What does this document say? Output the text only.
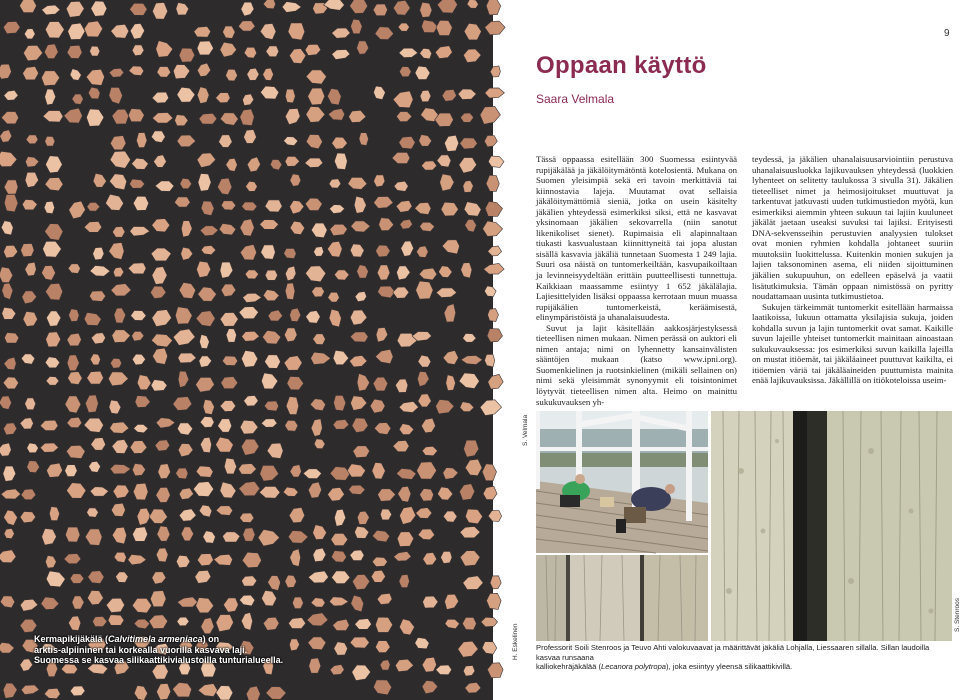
Kermapikijäkälä (Calvitimela armeniaca) on
arktis-alpiininen tai korkealla vuorilla kasvava laji.
Suomessa se kasvaa silikaattikivialustoilla tunturialueella.	H. Eskelinen
9
Oppaan käyttö
Saara Velmala

Tässä oppaassa esitellään 300 Suomessa esiintyvää rupijäkälää ja jäkälöitymätöntä kotelosientä. Mukana on Suomen yleisimpiä sekä eri tavoin merkittäviä tai kiinnostavia lajeja. Muutamat ovat sellaisia jäkälöitymättömiä sieniä, jotka on usein käsitelty jäkälien yhteydessä esimerkiksi siksi, että ne kasvavat yksinomaan jäkälien sekovarrella (niin sanotut likenikoliset sienet). Rupimaisia eli alapinnaltaan tiukasti kasvualustaan kiinnittyneitä tai jopa alustan sisällä kasvavia jäkäliä tunnetaan Suomesta 1 249 lajia. Suuri osa näistä on tuntomerkeiltään, kasvupaikoiltaan ja levinneisyydeltään erittäin puutteellisesti tunnettuja. Kaikkiaan maassamme esiintyy 1 652 jäkälälajia. Lajiesittelyiden lisäksi oppaassa kerrotaan muun muassa rupijäkälien tuntomerkeistä, keräämisestä, elinympäristöistä ja uhanalaisuudesta.

Suvut ja lajit käsitellään aakkosjärjestyksessä tieteellisen nimen mukaan. Nimen perässä on auktori eli nimen antaja; nimi on lyhennetty kansainvälisten sääntöjen mukaan (katso www.ipni.org). Suomenkielinen ja ruotsinkielinen (mikäli sellainen on) nimi sekä yleisimmät synonyymit eli toisintonimet löytyvät tieteellisen nimen alta. Heimo on mainittu sukukuvauksen yh-

teydessä, ja jäkälien uhanalaisuusarviointiin perustuva uhanalaisuusluokka lajikuvauksen yhteydessä (luokkien lyhenteet on selitetty taulukossa 3 sivulla 31). Jäkälien tieteelliset nimet ja heimosijoitukset muuttuvat ja tarkentuvat jatkuvasti uuden tutkimustiedon myötä, kun esimerkiksi aiemmin yhteen sukuun tai lajiin kuuluneet jäkälät jaetaan useaksi suvuksi tai lajiksi. Erityisesti DNA-sekvensseihin perustuvien analyysien tulokset ovat monien ryhmien kohdalla johtaneet suuriin muutoksiin luokittelussa. Kuitenkin monien sukujen ja lajien taksonominen asema, eli niiden sijoittuminen jäkälien sukupuuhun, on edelleen epäselvä ja vaatii lisätutkimuksia. Tämän oppaan nimistössä on pyritty noudattamaan uusinta tutkimustietoa.

Sukujen tärkeimmät tuntomerkit esitellään harmaissa laatikoissa, lukuun ottamatta yksilajisia sukuja, joiden kohdalla suvun ja lajin tuntomerkit ovat samat. Kaikille suvun lajeille yhteiset tuntomerkit mainitaan ainoastaan sukukuvauksessa: jos esimerkiksi suvun kaikilla lajeilla on mustat itiöemät, tai jäkäläaineet puuttuvat kaikilta, ei itiöemien väriä tai jäkäläaineiden puuttumista mainita enää lajikuvauksissa. Jäkällillä on itiökoteloissa useim-

S. Velmala
S. Stenroos
Professorit Soili Stenroos ja Teuvo Ahti valokuvaavat ja määrittävät jäkäliä Lohjalla, Liessaaren sillalla. Sillan laudoilla kasvaa runsaana
kalliokehräjäkälää (Lecanora polytropa), joka esiintyy yleensä silikaattikivillä.
